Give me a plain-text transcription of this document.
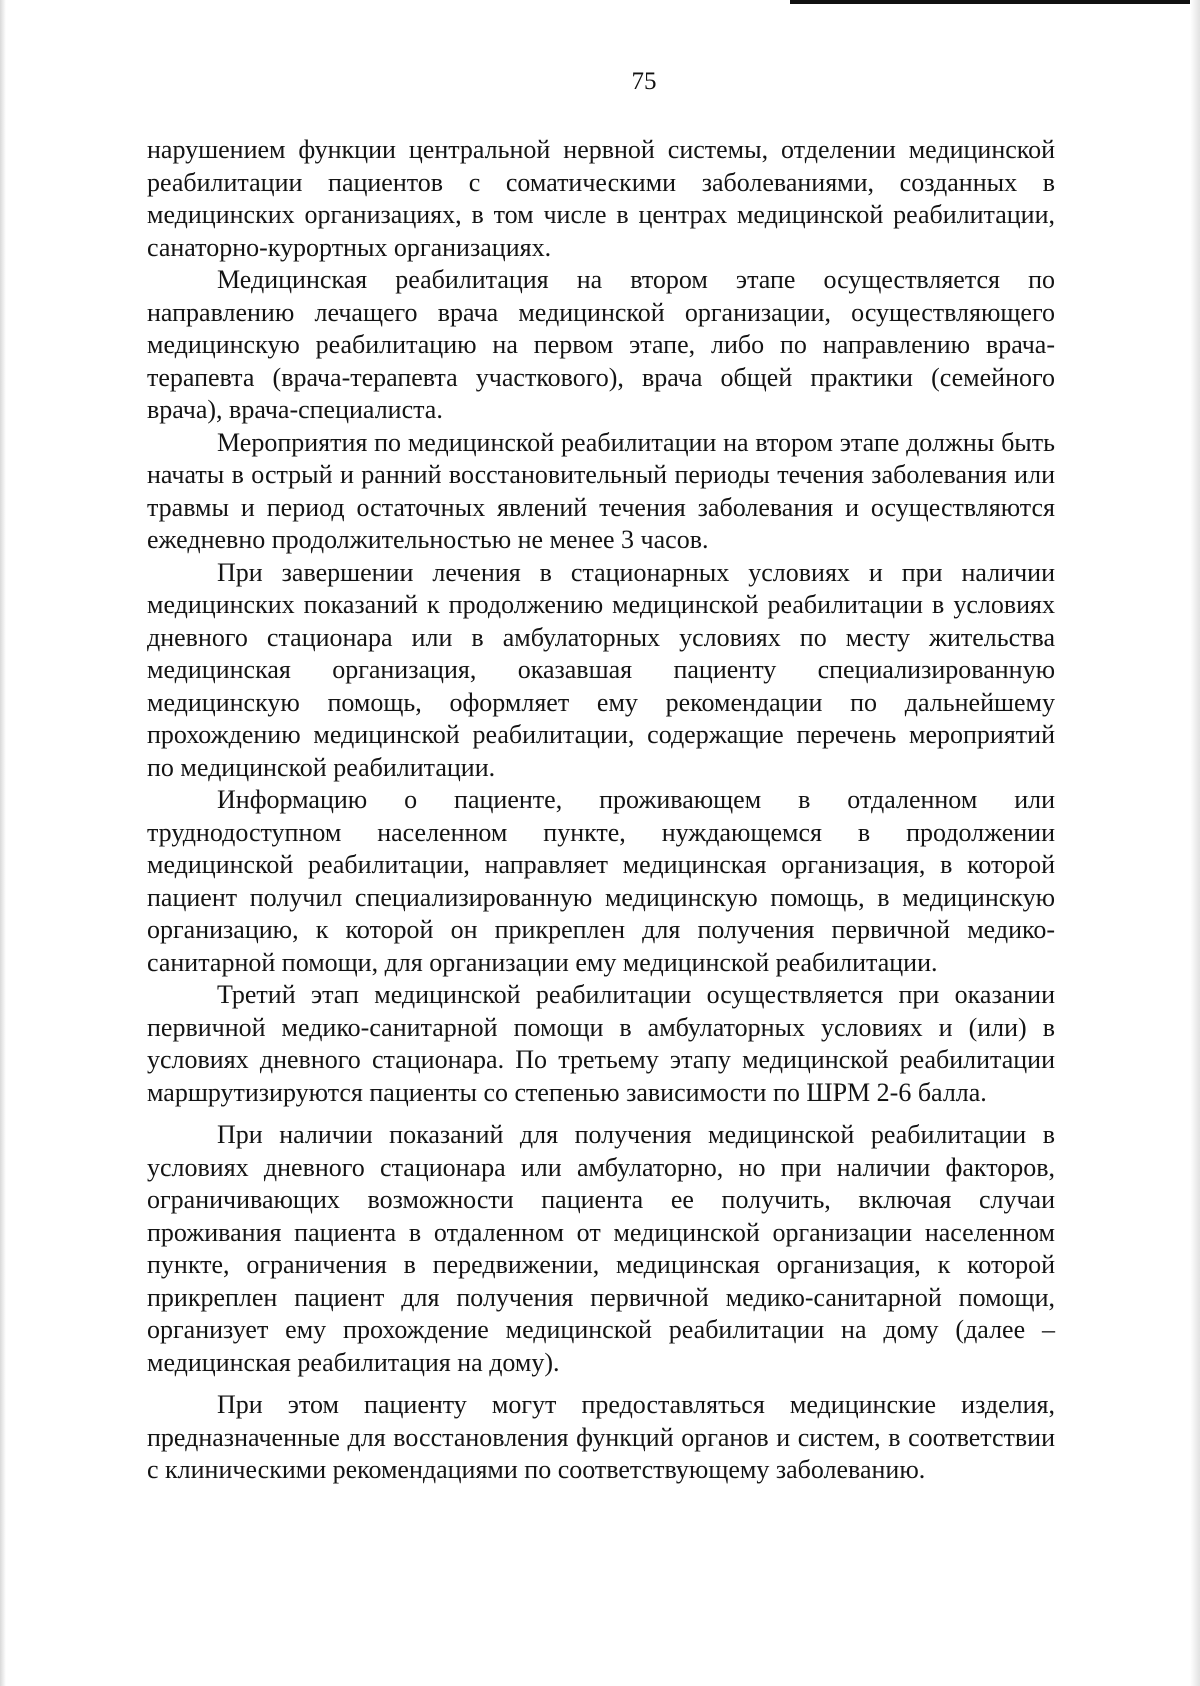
75

нарушением функции центральной нервной системы, отделении медицинской реабилитации пациентов с соматическими заболеваниями, созданных в медицинских организациях, в том числе в центрах медицинской реабилитации, санаторно-курортных организациях.

Медицинская реабилитация на втором этапе осуществляется по направлению лечащего врача медицинской организации, осуществляющего медицинскую реабилитацию на первом этапе, либо по направлению врача-терапевта (врача-терапевта участкового), врача общей практики (семейного врача), врача-специалиста.

Мероприятия по медицинской реабилитации на втором этапе должны быть начаты в острый и ранний восстановительный периоды течения заболевания или травмы и период остаточных явлений течения заболевания и осуществляются ежедневно продолжительностью не менее 3 часов.

При завершении лечения в стационарных условиях и при наличии медицинских показаний к продолжению медицинской реабилитации в условиях дневного стационара или в амбулаторных условиях по месту жительства медицинская организация, оказавшая пациенту специализированную медицинскую помощь, оформляет ему рекомендации по дальнейшему прохождению медицинской реабилитации, содержащие перечень мероприятий по медицинской реабилитации.

Информацию о пациенте, проживающем в отдаленном или труднодоступном населенном пункте, нуждающемся в продолжении медицинской реабилитации, направляет медицинская организация, в которой пациент получил специализированную медицинскую помощь, в медицинскую организацию, к которой он прикреплен для получения первичной медико-санитарной помощи, для организации ему медицинской реабилитации.

Третий этап медицинской реабилитации осуществляется при оказании первичной медико-санитарной помощи в амбулаторных условиях и (или) в условиях дневного стационара. По третьему этапу медицинской реабилитации маршрутизируются пациенты со степенью зависимости по ШРМ 2-6 балла.

При наличии показаний для получения медицинской реабилитации в условиях дневного стационара или амбулаторно, но при наличии факторов, ограничивающих возможности пациента ее получить, включая случаи проживания пациента в отдаленном от медицинской организации населенном пункте, ограничения в передвижении, медицинская организация, к которой прикреплен пациент для получения первичной медико-санитарной помощи, организует ему прохождение медицинской реабилитации на дому (далее – медицинская реабилитация на дому).

При этом пациенту могут предоставляться медицинские изделия, предназначенные для восстановления функций органов и систем, в соответствии с клиническими рекомендациями по соответствующему заболеванию.
